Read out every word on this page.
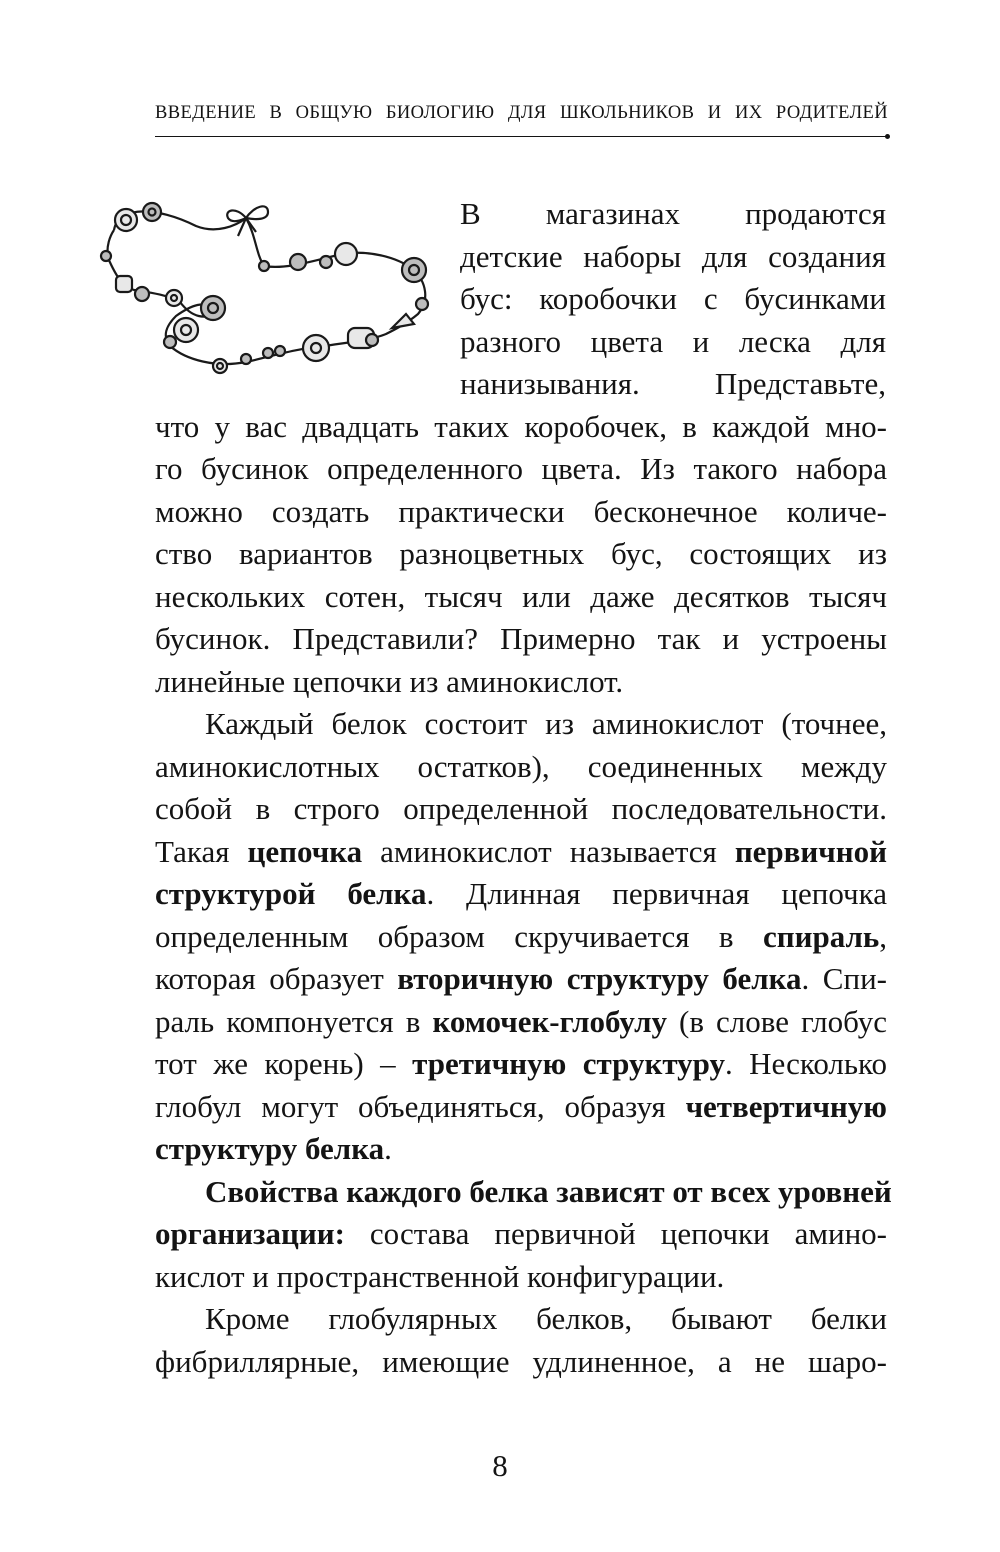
ВВЕДЕНИЕ В ОБЩУЮ БИОЛОГИЮ ДЛЯ ШКОЛЬНИКОВ И ИХ РОДИТЕЛЕЙ
В магазинах продаются
детские наборы для создания
бус: коробочки с бусинками
разного цвета и леска для
нанизывания. Представьте,
что у вас двадцать таких коробочек, в каждой мно-
го бусинок определенного цвета. Из такого набора
можно создать практически бесконечное количе-
ство вариантов разноцветных бус, состоящих из
нескольких сотен, тысяч или даже десятков тысяч
бусинок. Представили? Примерно так и устроены
линейные цепочки из аминокислот.
Каждый белок состоит из аминокислот (точнее,
аминокислотных остатков), соединенных между
собой в строго определенной последовательности.
Такая цепочка аминокислот называется первичной
структурой белка. Длинная первичная цепочка
определенным образом скручивается в спираль,
которая образует вторичную структуру белка. Спи-
раль компонуется в комочек-глобулу (в слове глобус
тот же корень) – третичную структуру. Несколько
глобул могут объединяться, образуя четвертичную
структуру белка.
Свойства каждого белка зависят от всех уровней
организации: состава первичной цепочки амино-
кислот и пространственной конфигурации.
Кроме глобулярных белков, бывают белки
фибриллярные, имеющие удлиненное, а не шаро-
8
